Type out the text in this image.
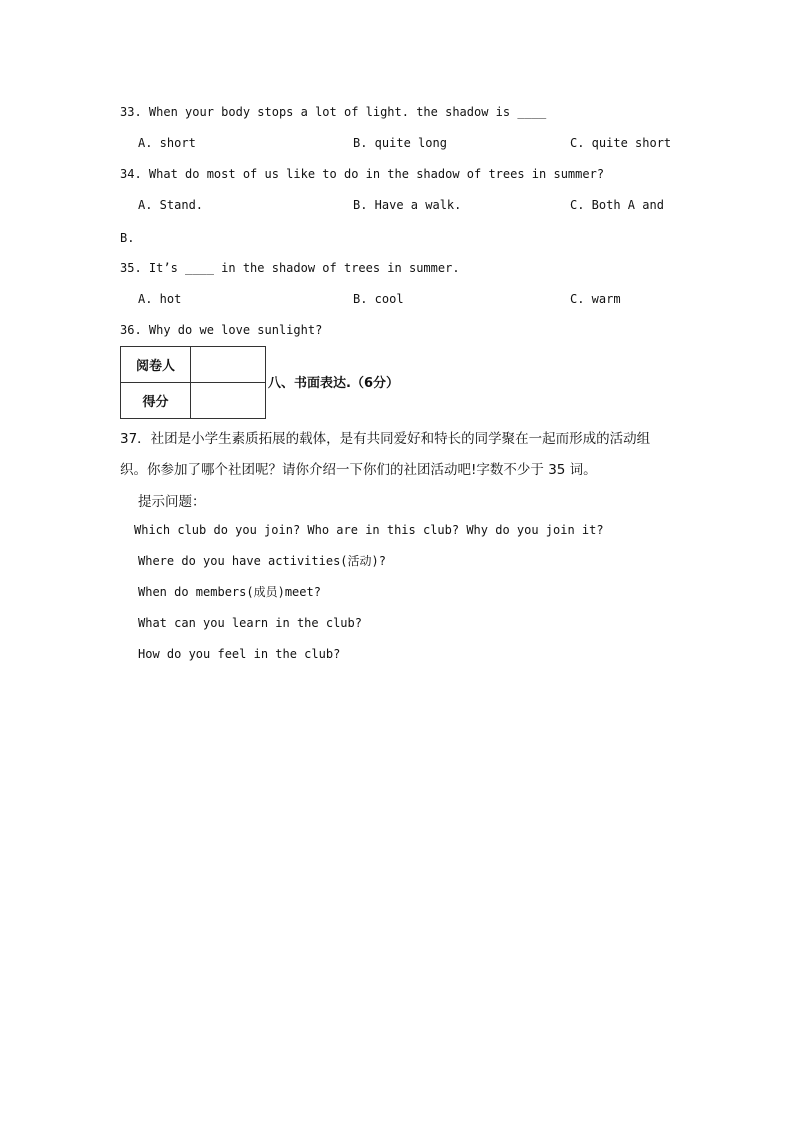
33. When your body stops a lot of light. the shadow is ____
A. short	B. quite long	C. quite short
34. What do most of us like to do in the shadow of trees in summer?
A. Stand.	B. Have a walk.	C. Both A and
B.
35. It’s ____ in the shadow of trees in summer.
A. hot	B. cool	C. warm
36. Why do we love sunlight?
阅卷人	
得分	
八、书面表达.（6分）
37．社团是小学生素质拓展的载体，是有共同爱好和特长的同学聚在一起而形成的活动组
织。你参加了哪个社团呢？请你介绍一下你们的社团活动吧!字数不少于 35 词。
提示问题：
Which club do you join? Who are in this club? Why do you join it?
Where do you have activities(活动)?
When do members(成员)meet?
What can you learn in the club?
How do you feel in the club?
